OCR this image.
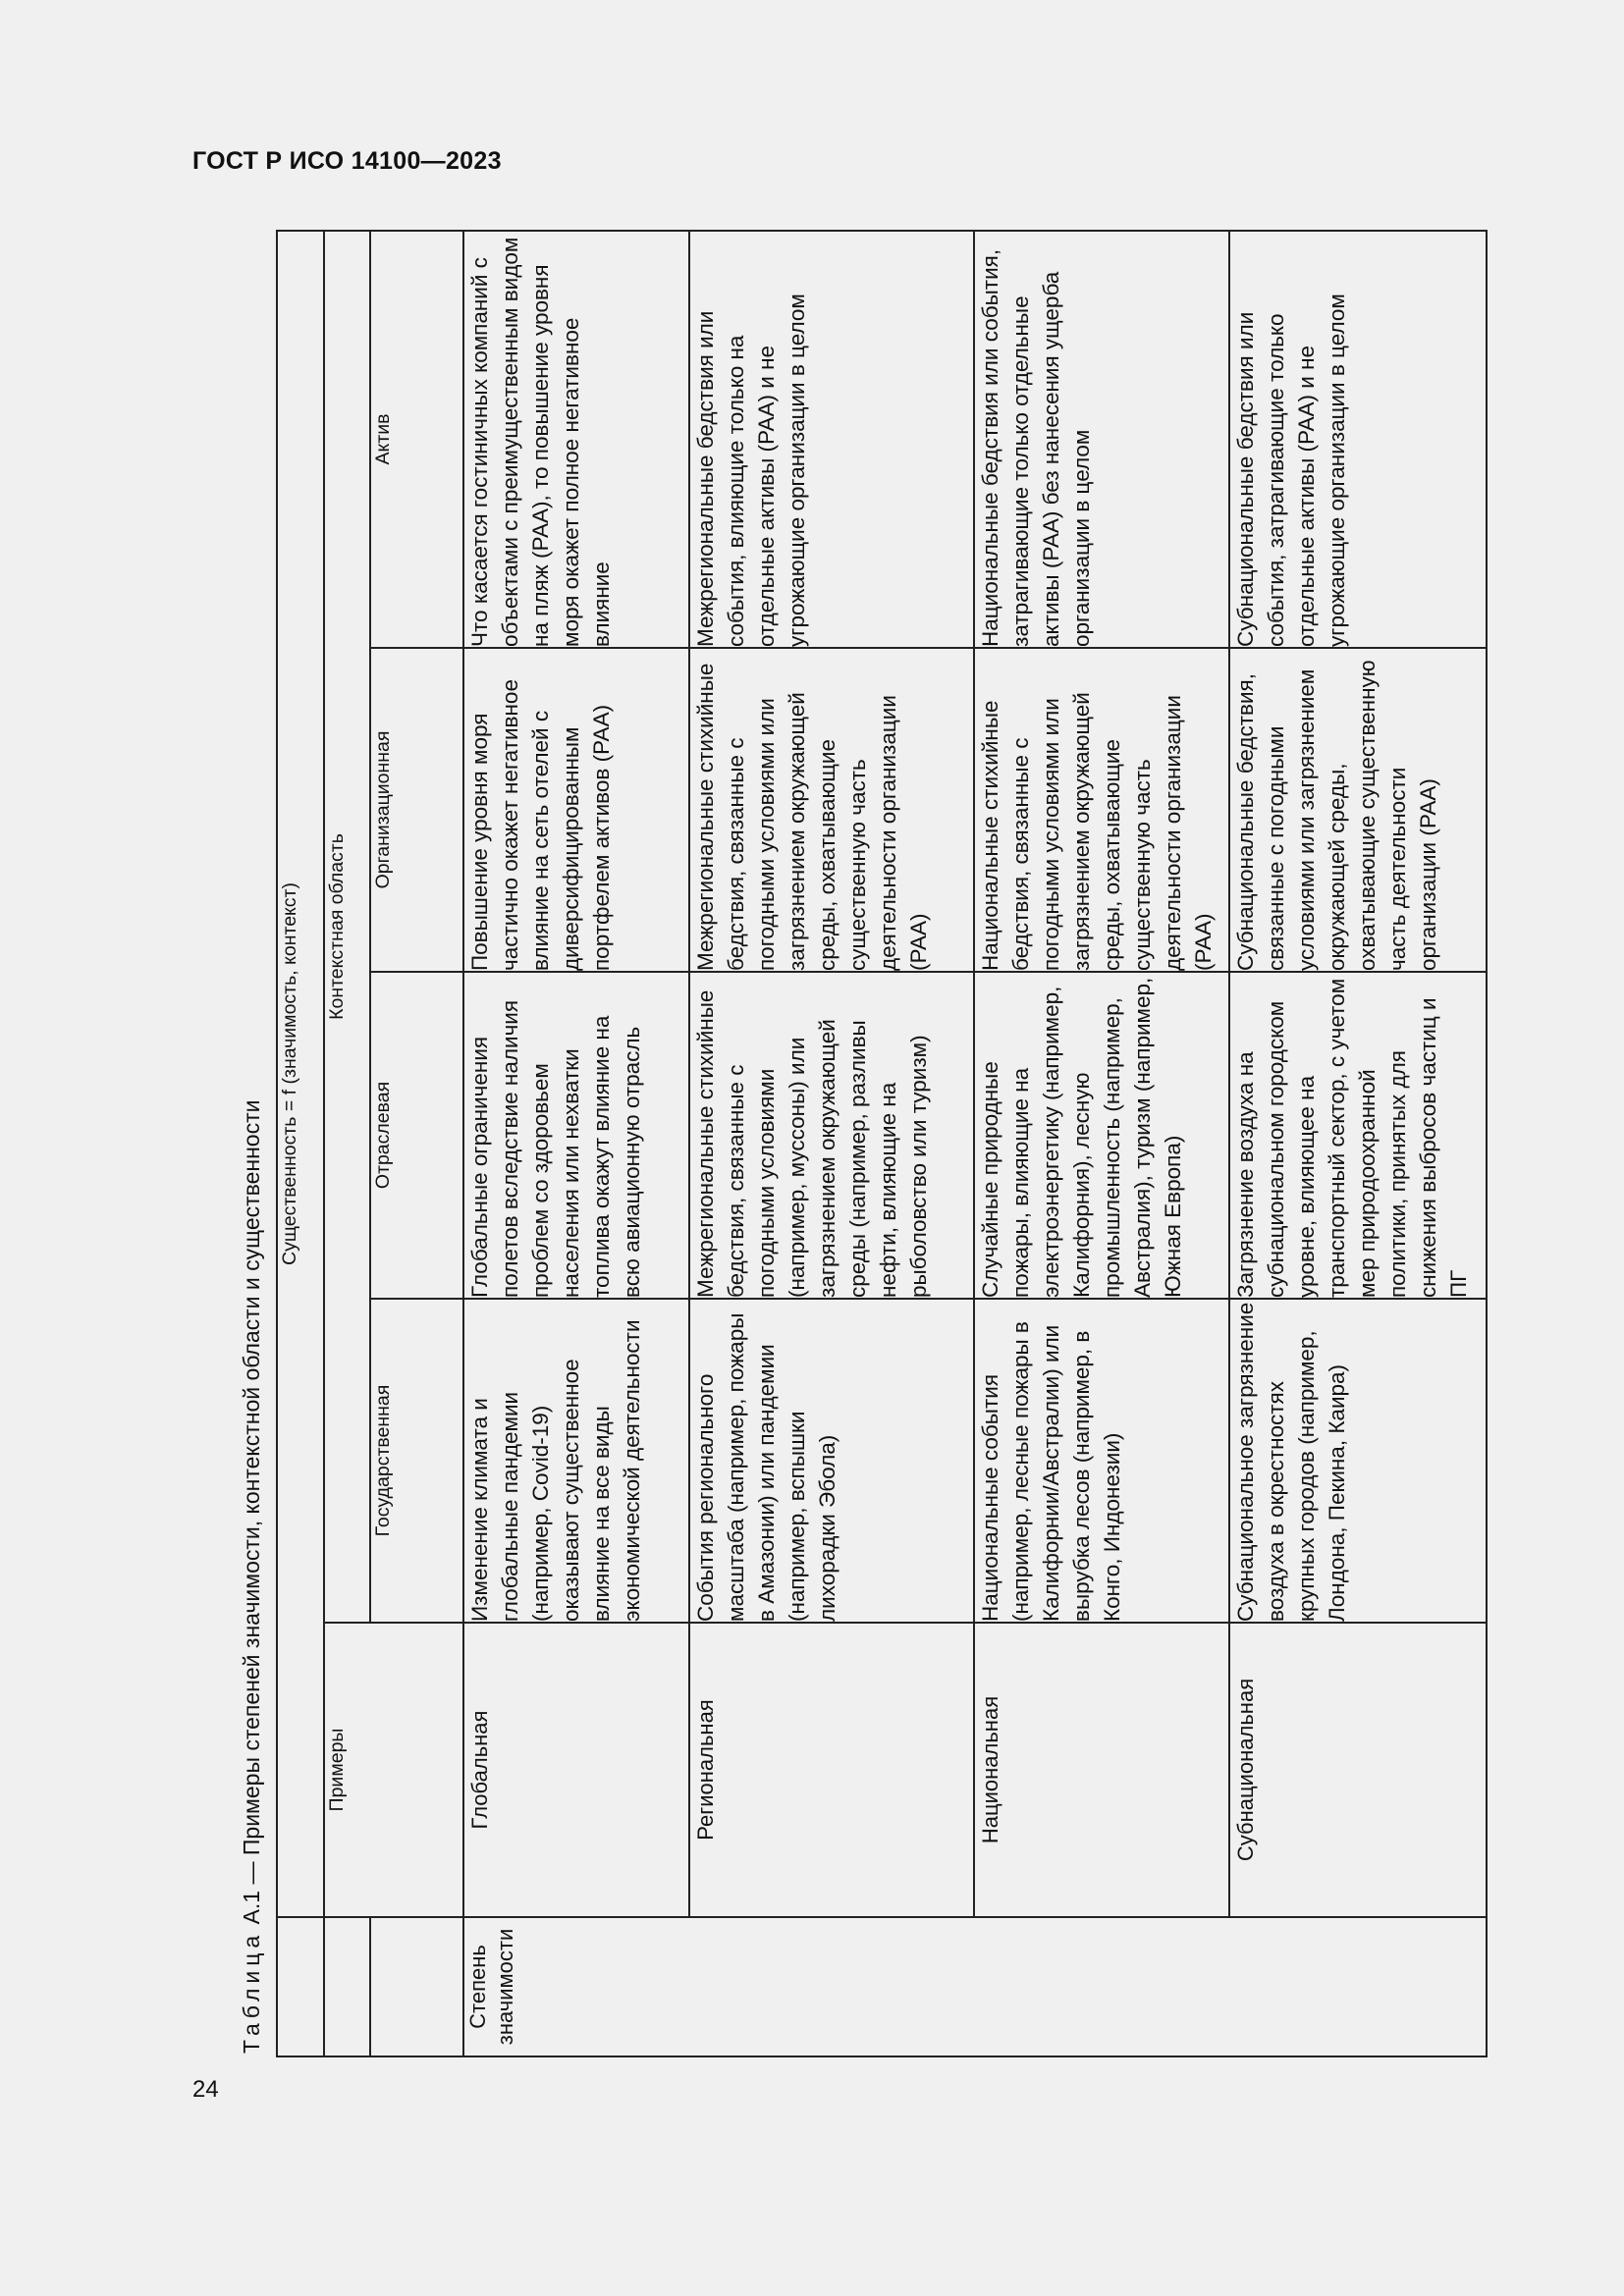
ГОСТ Р ИСО 14100—2023
24
Таблица А.1 — Примеры степеней значимости, контекстной области и существенности
	Существенность = f (значимость, контекст)				
	Примеры	Контекстная область			
		Государственная	Отраслевая	Организационная	Актив
Степень значимости	Глобальная	Изменение климата и глобальные пандемии (например, Covid-19) оказывают существенное влияние на все виды экономической деятельности	Глобальные ограничения полетов вследствие наличия проблем со здоровьем населения или нехватки топлива окажут влияние на всю авиационную отрасль	Повышение уровня моря частично окажет негативное влияние на сеть отелей с диверсифицированным портфелем активов (РАА)	Что касается гостиничных компаний с объектами с преимущественным видом на пляж (РАА), то повышение уровня моря окажет полное негативное влияние
	Региональная	События регионального масштаба (например, пожары в Амазонии) или пандемии (например, вспышки лихорадки Эбола)	Межрегиональные стихийные бедствия, связанные с погодными условиями (например, муссоны) или загрязнением окружающей среды (например, разливы нефти, влияющие на рыболовство или туризм)	Межрегиональные стихийные бедствия, связанные с погодными условиями или загрязнением окружающей среды, охватывающие существенную часть деятельности организации (РАА)	Межрегиональные бедствия или события, влияющие только на отдельные активы (РАА) и не угрожающие организации в целом
	Национальная	Национальные события (например, лесные пожары в Калифорнии/Австралии) или вырубка лесов (например, в Конго, Индонезии)	Случайные природные пожары, влияющие на электроэнергетику (например, Калифорния), лесную промышленность (например, Австралия), туризм (например, Южная Европа)	Национальные стихийные бедствия, связанные с погодными условиями или загрязнением окружающей среды, охватывающие существенную часть деятельности организации (РАА)	Национальные бедствия или события, затрагивающие только отдельные активы (РАА) без нанесения ущерба организации в целом
	Субнациональная	Субнациональное загрязнение воздуха в окрестностях крупных городов (например, Лондона, Пекина, Каира)	Загрязнение воздуха на субнациональном городском уровне, влияющее на транспортный сектор, с учетом мер природоохранной политики, принятых для снижения выбросов частиц и ПГ	Субнациональные бедствия, связанные с погодными условиями или загрязнением окружающей среды, охватывающие существенную часть деятельности организации (РАА)	Субнациональные бедствия или события, затрагивающие только отдельные активы (РАА) и не угрожающие организации в целом
